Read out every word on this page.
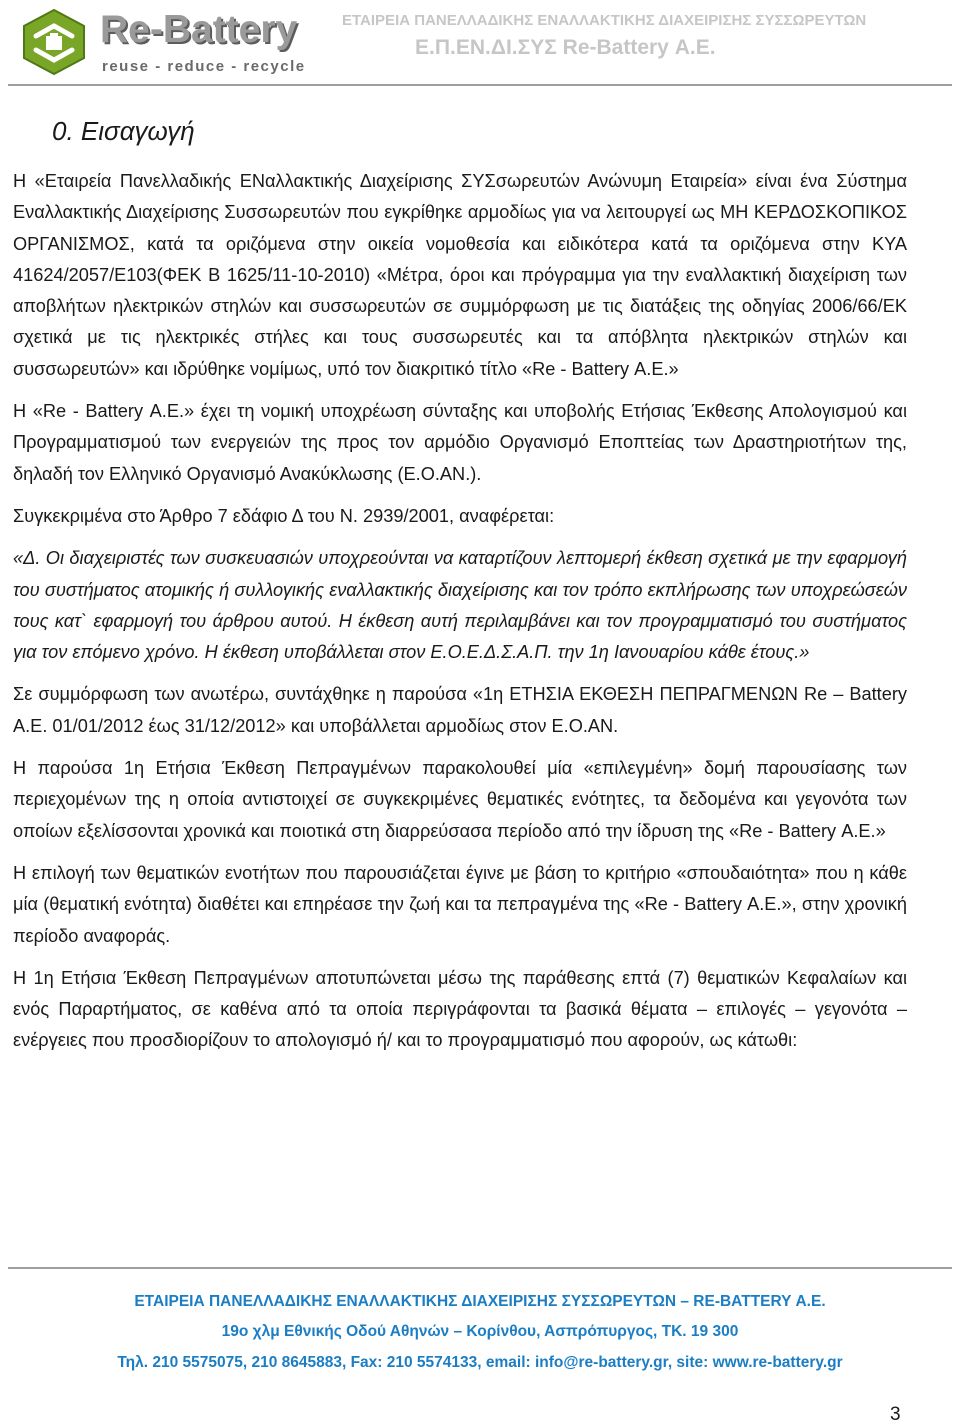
Re-Battery
reuse - reduce - recycle
ΕΤΑΙΡΕΙΑ ΠΑΝΕΛΛΑΔΙΚΗΣ ΕΝΑΛΛΑΚΤΙΚΗΣ ΔΙΑΧΕΙΡΙΣΗΣ ΣΥΣΣΩΡΕΥΤΩΝ
Ε.Π.ΕΝ.ΔΙ.ΣΥΣ Re-Battery Α.Ε.
0. Εισαγωγή

Η «Εταιρεία Πανελλαδικής ΕΝαλλακτικής Διαχείρισης ΣΥΣσωρευτών Ανώνυμη Εταιρεία» είναι ένα Σύστημα Εναλλακτικής Διαχείρισης Συσσωρευτών που εγκρίθηκε αρμοδίως για να λειτουργεί ως ΜΗ ΚΕΡΔΟΣΚΟΠΙΚΟΣ ΟΡΓΑΝΙΣΜΟΣ, κατά τα οριζόμενα στην οικεία νομοθεσία και ειδικότερα κατά τα οριζόμενα στην ΚΥΑ 41624/2057/Ε103(ΦΕΚ Β 1625/11-10-2010) «Μέτρα, όροι και πρόγραμμα για την εναλλακτική διαχείριση των αποβλήτων ηλεκτρικών στηλών και συσσωρευτών σε συμμόρφωση με τις διατάξεις της οδηγίας 2006/66/ΕΚ σχετικά με τις ηλεκτρικές στήλες και τους συσσωρευτές και τα απόβλητα ηλεκτρικών στηλών και συσσωρευτών» και ιδρύθηκε νομίμως, υπό τον διακριτικό τίτλο «Re - Battery Α.Ε.»

Η «Re - Battery Α.Ε.» έχει τη νομική υποχρέωση σύνταξης και υποβολής Ετήσιας Έκθεσης Απολογισμού και Προγραμματισμού των ενεργειών της προς τον αρμόδιο Οργανισμό Εποπτείας των Δραστηριοτήτων της, δηλαδή τον Ελληνικό Οργανισμό Ανακύκλωσης (Ε.Ο.ΑΝ.).

Συγκεκριμένα στο Άρθρο 7 εδάφιο Δ του Ν. 2939/2001, αναφέρεται:

«Δ. Οι διαχειριστές των συσκευασιών υποχρεούνται να καταρτίζουν λεπτομερή έκθεση σχετικά με την εφαρμογή του συστήματος ατομικής ή συλλογικής εναλλακτικής διαχείρισης και τον τρόπο εκπλήρωσης των υποχρεώσεών τους κατ` εφαρμογή του άρθρου αυτού. Η έκθεση αυτή περιλαμβάνει και τον προγραμματισμό του συστήματος για τον επόμενο χρόνο. Η έκθεση υποβάλλεται στον Ε.Ο.Ε.Δ.Σ.Α.Π. την 1η Ιανουαρίου κάθε έτους.»

Σε συμμόρφωση των ανωτέρω, συντάχθηκε η παρούσα «1η ΕΤΗΣΙΑ ΕΚΘΕΣΗ ΠΕΠΡΑΓΜΕΝΩΝ Re – Battery Α.Ε. 01/01/2012 έως 31/12/2012» και υποβάλλεται αρμοδίως στον Ε.Ο.ΑΝ.

Η παρούσα 1η Ετήσια Έκθεση Πεπραγμένων παρακολουθεί μία «επιλεγμένη» δομή παρουσίασης των περιεχομένων της η οποία αντιστοιχεί σε συγκεκριμένες θεματικές ενότητες, τα δεδομένα και γεγονότα των οποίων εξελίσσονται χρονικά και ποιοτικά στη διαρρεύσασα περίοδο από την ίδρυση της «Re - Battery Α.Ε.»

Η επιλογή των θεματικών ενοτήτων που παρουσιάζεται έγινε με βάση το κριτήριο «σπουδαιότητα» που η κάθε μία (θεματική ενότητα) διαθέτει και επηρέασε την ζωή και τα πεπραγμένα της «Re - Battery Α.Ε.», στην χρονική περίοδο αναφοράς.

Η 1η Ετήσια Έκθεση Πεπραγμένων αποτυπώνεται μέσω της παράθεσης επτά (7) θεματικών Κεφαλαίων και ενός Παραρτήματος, σε καθένα από τα οποία περιγράφονται τα βασικά θέματα – επιλογές – γεγονότα – ενέργειες που προσδιορίζουν το απολογισμό ή/ και το προγραμματισμό που αφορούν, ως κάτωθι:

ΕΤΑΙΡΕΙΑ ΠΑΝΕΛΛΑΔΙΚΗΣ ΕΝΑΛΛΑΚΤΙΚΗΣ ΔΙΑΧΕΙΡΙΣΗΣ ΣΥΣΣΩΡΕΥΤΩΝ – RE-BATTERY Α.Ε.
19ο χλμ Εθνικής Οδού Αθηνών – Κορίνθου, Ασπρόπυργος, ΤΚ. 19 300
Τηλ. 210 5575075, 210 8645883, Fax: 210 5574133, email: info@re-battery.gr, site: www.re-battery.gr
3
